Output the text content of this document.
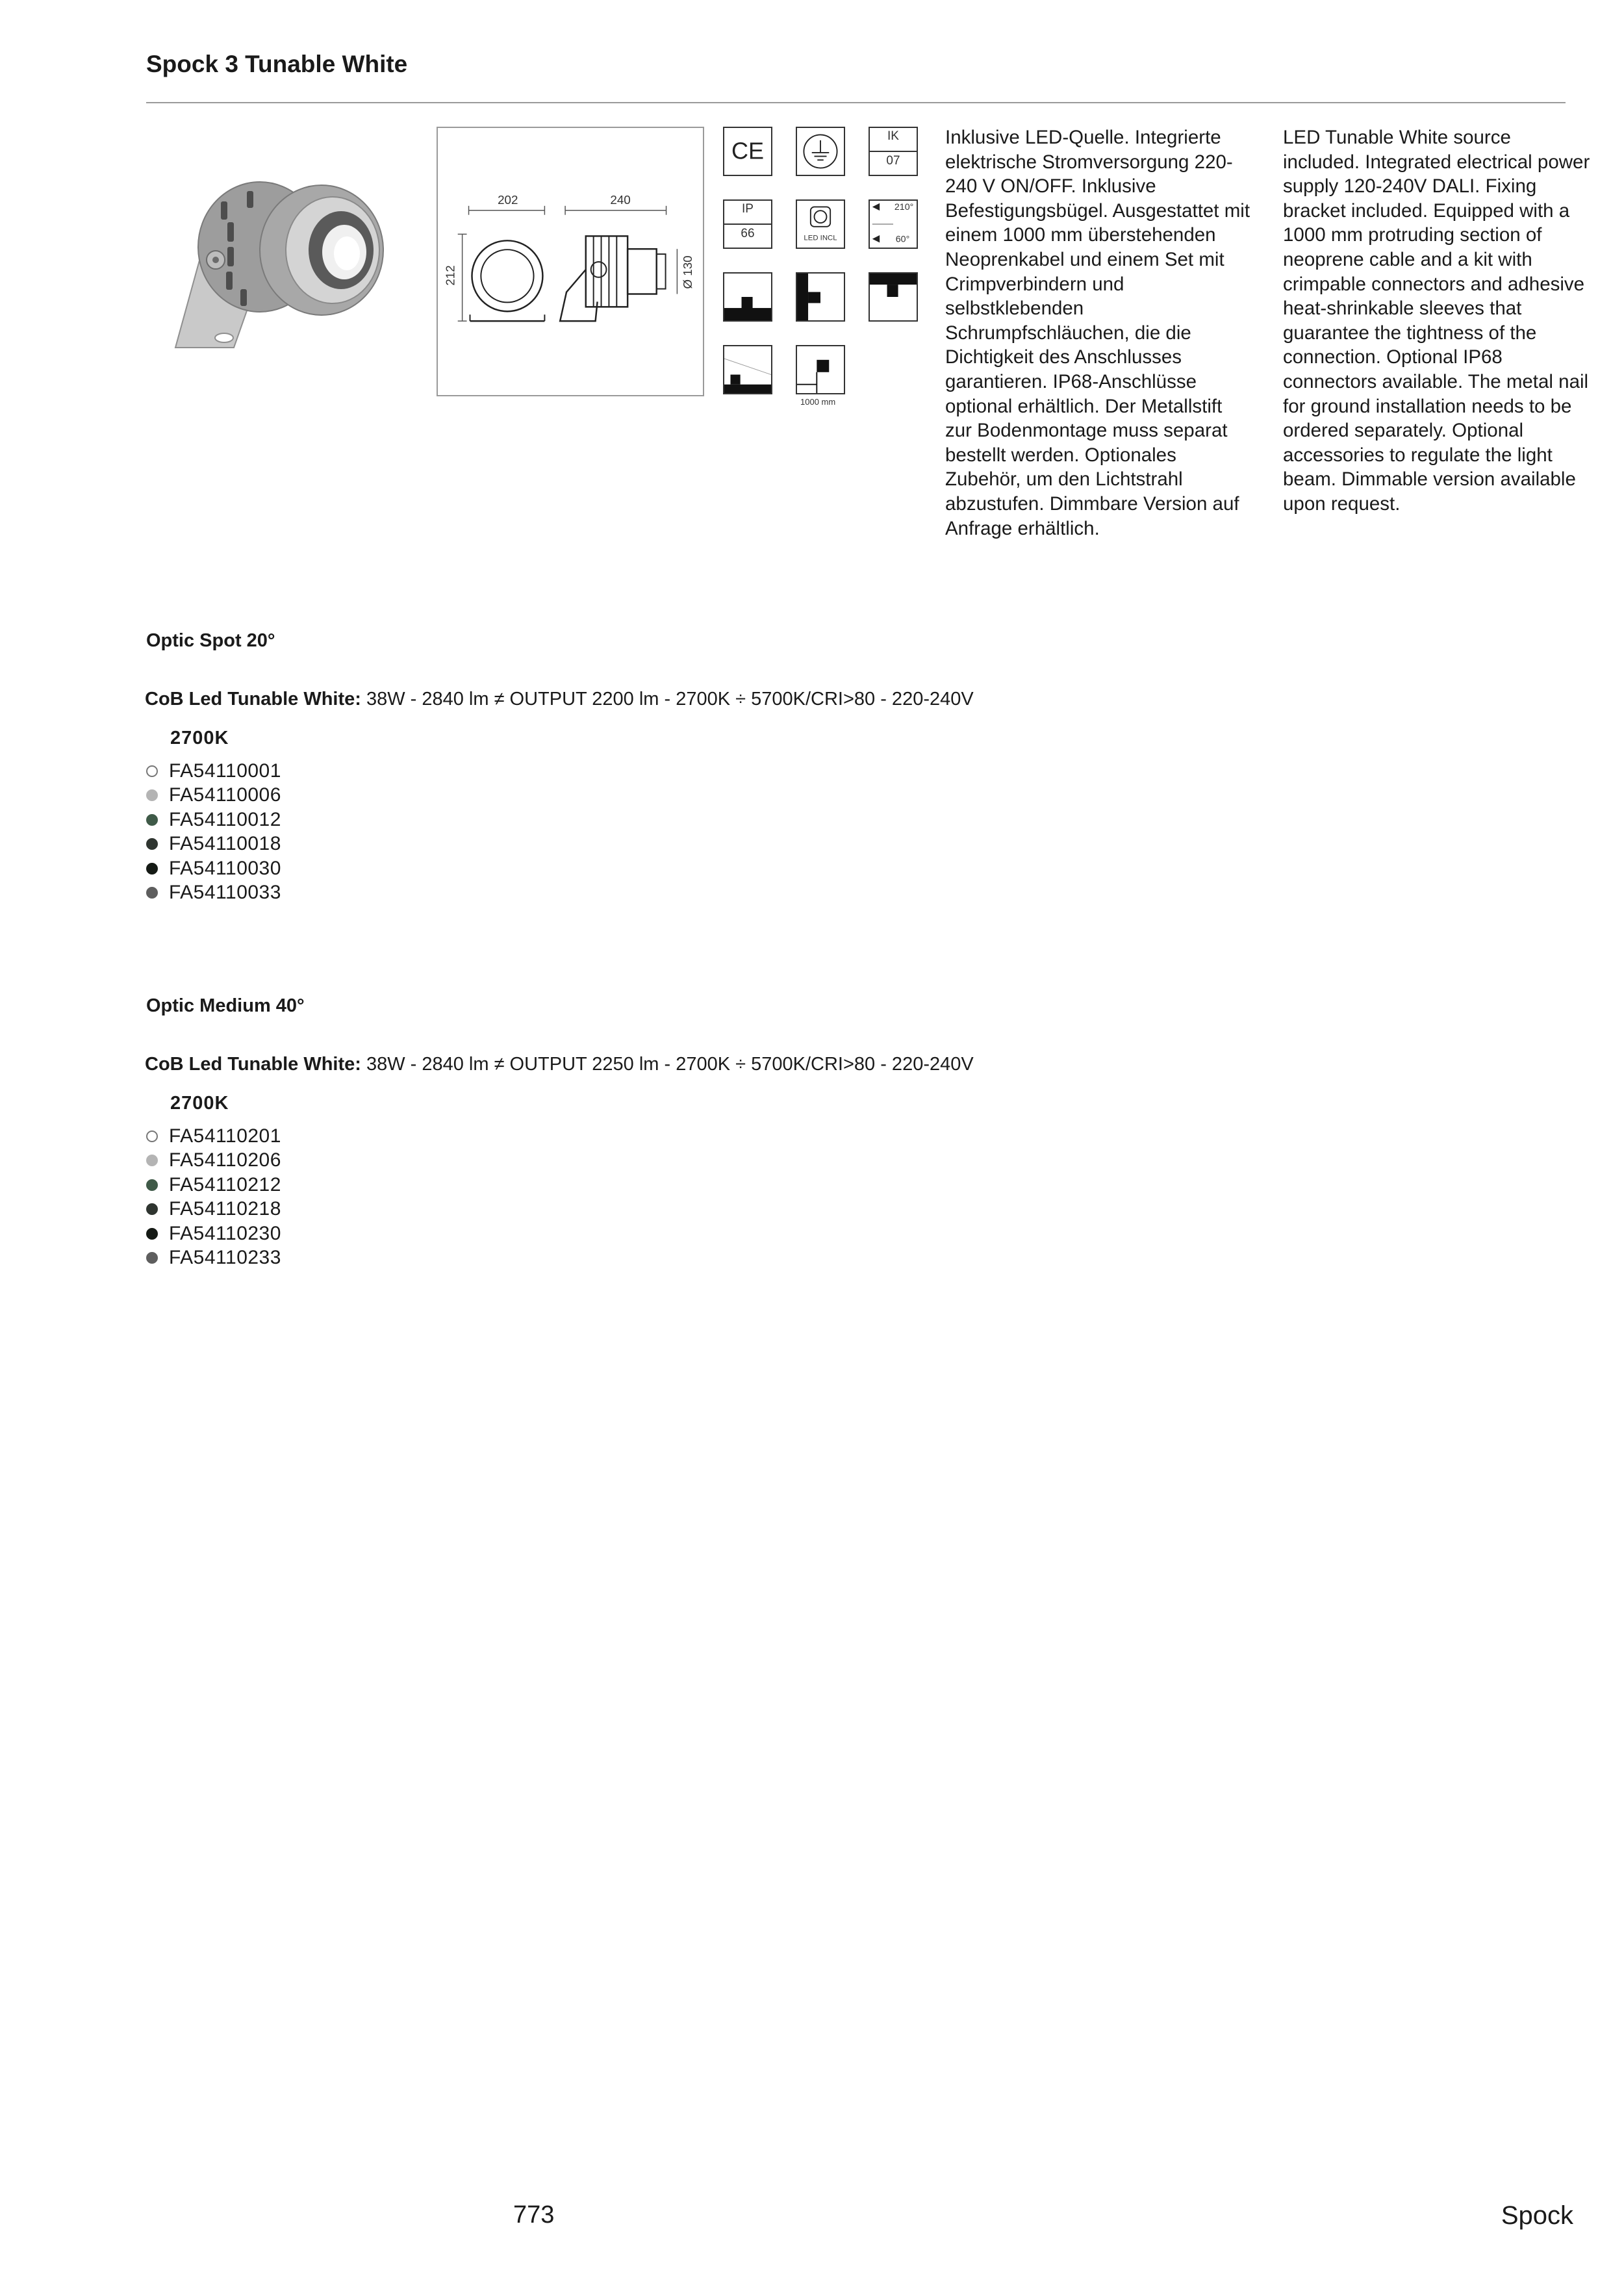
Spock 3 Tunable White
202
212
240
Ø 130
CE
IK
07
IP
66	LED INCL
210°
60°
1000 mm
Inklusive LED-Quelle. Integrierte elektrische Stromversorgung 220-240 V ON/OFF. Inklusive Befestigungsbügel. Ausgestattet mit einem 1000 mm überstehenden Neoprenkabel und einem Set mit Crimpverbindern und selbstklebenden Schrumpfschläuchen, die die Dichtigkeit des Anschlusses garantieren. IP68-Anschlüsse optional erhältlich. Der Metallstift zur Bodenmontage muss separat bestellt werden. Optionales Zubehör, um den Lichtstrahl abzustufen. Dimmbare Version auf Anfrage erhältlich.
LED Tunable White source included. Integrated electrical power supply 120-240V DALI. Fixing bracket included. Equipped with a 1000 mm protruding section of neoprene cable and a kit with crimpable connectors and adhesive heat-shrinkable sleeves that guarantee the tightness of the connection. Optional IP68 connectors available. The metal nail for ground installation needs to be ordered separately. Optional accessories to regulate the light beam. Dimmable version available upon request.
Optic Spot 20°
CoB Led Tunable White: 38W - 2840 lm ≠ OUTPUT 2200 lm - 2700K ÷ 5700K/CRI>80 - 220-240V
2700K
FA54110001
FA54110006
FA54110012
FA54110018
FA54110030
FA54110033
Optic Medium 40°
CoB Led Tunable White: 38W - 2840 lm ≠ OUTPUT 2250 lm - 2700K ÷ 5700K/CRI>80 - 220-240V
2700K
FA54110201
FA54110206
FA54110212
FA54110218
FA54110230
FA54110233
773	Spock
